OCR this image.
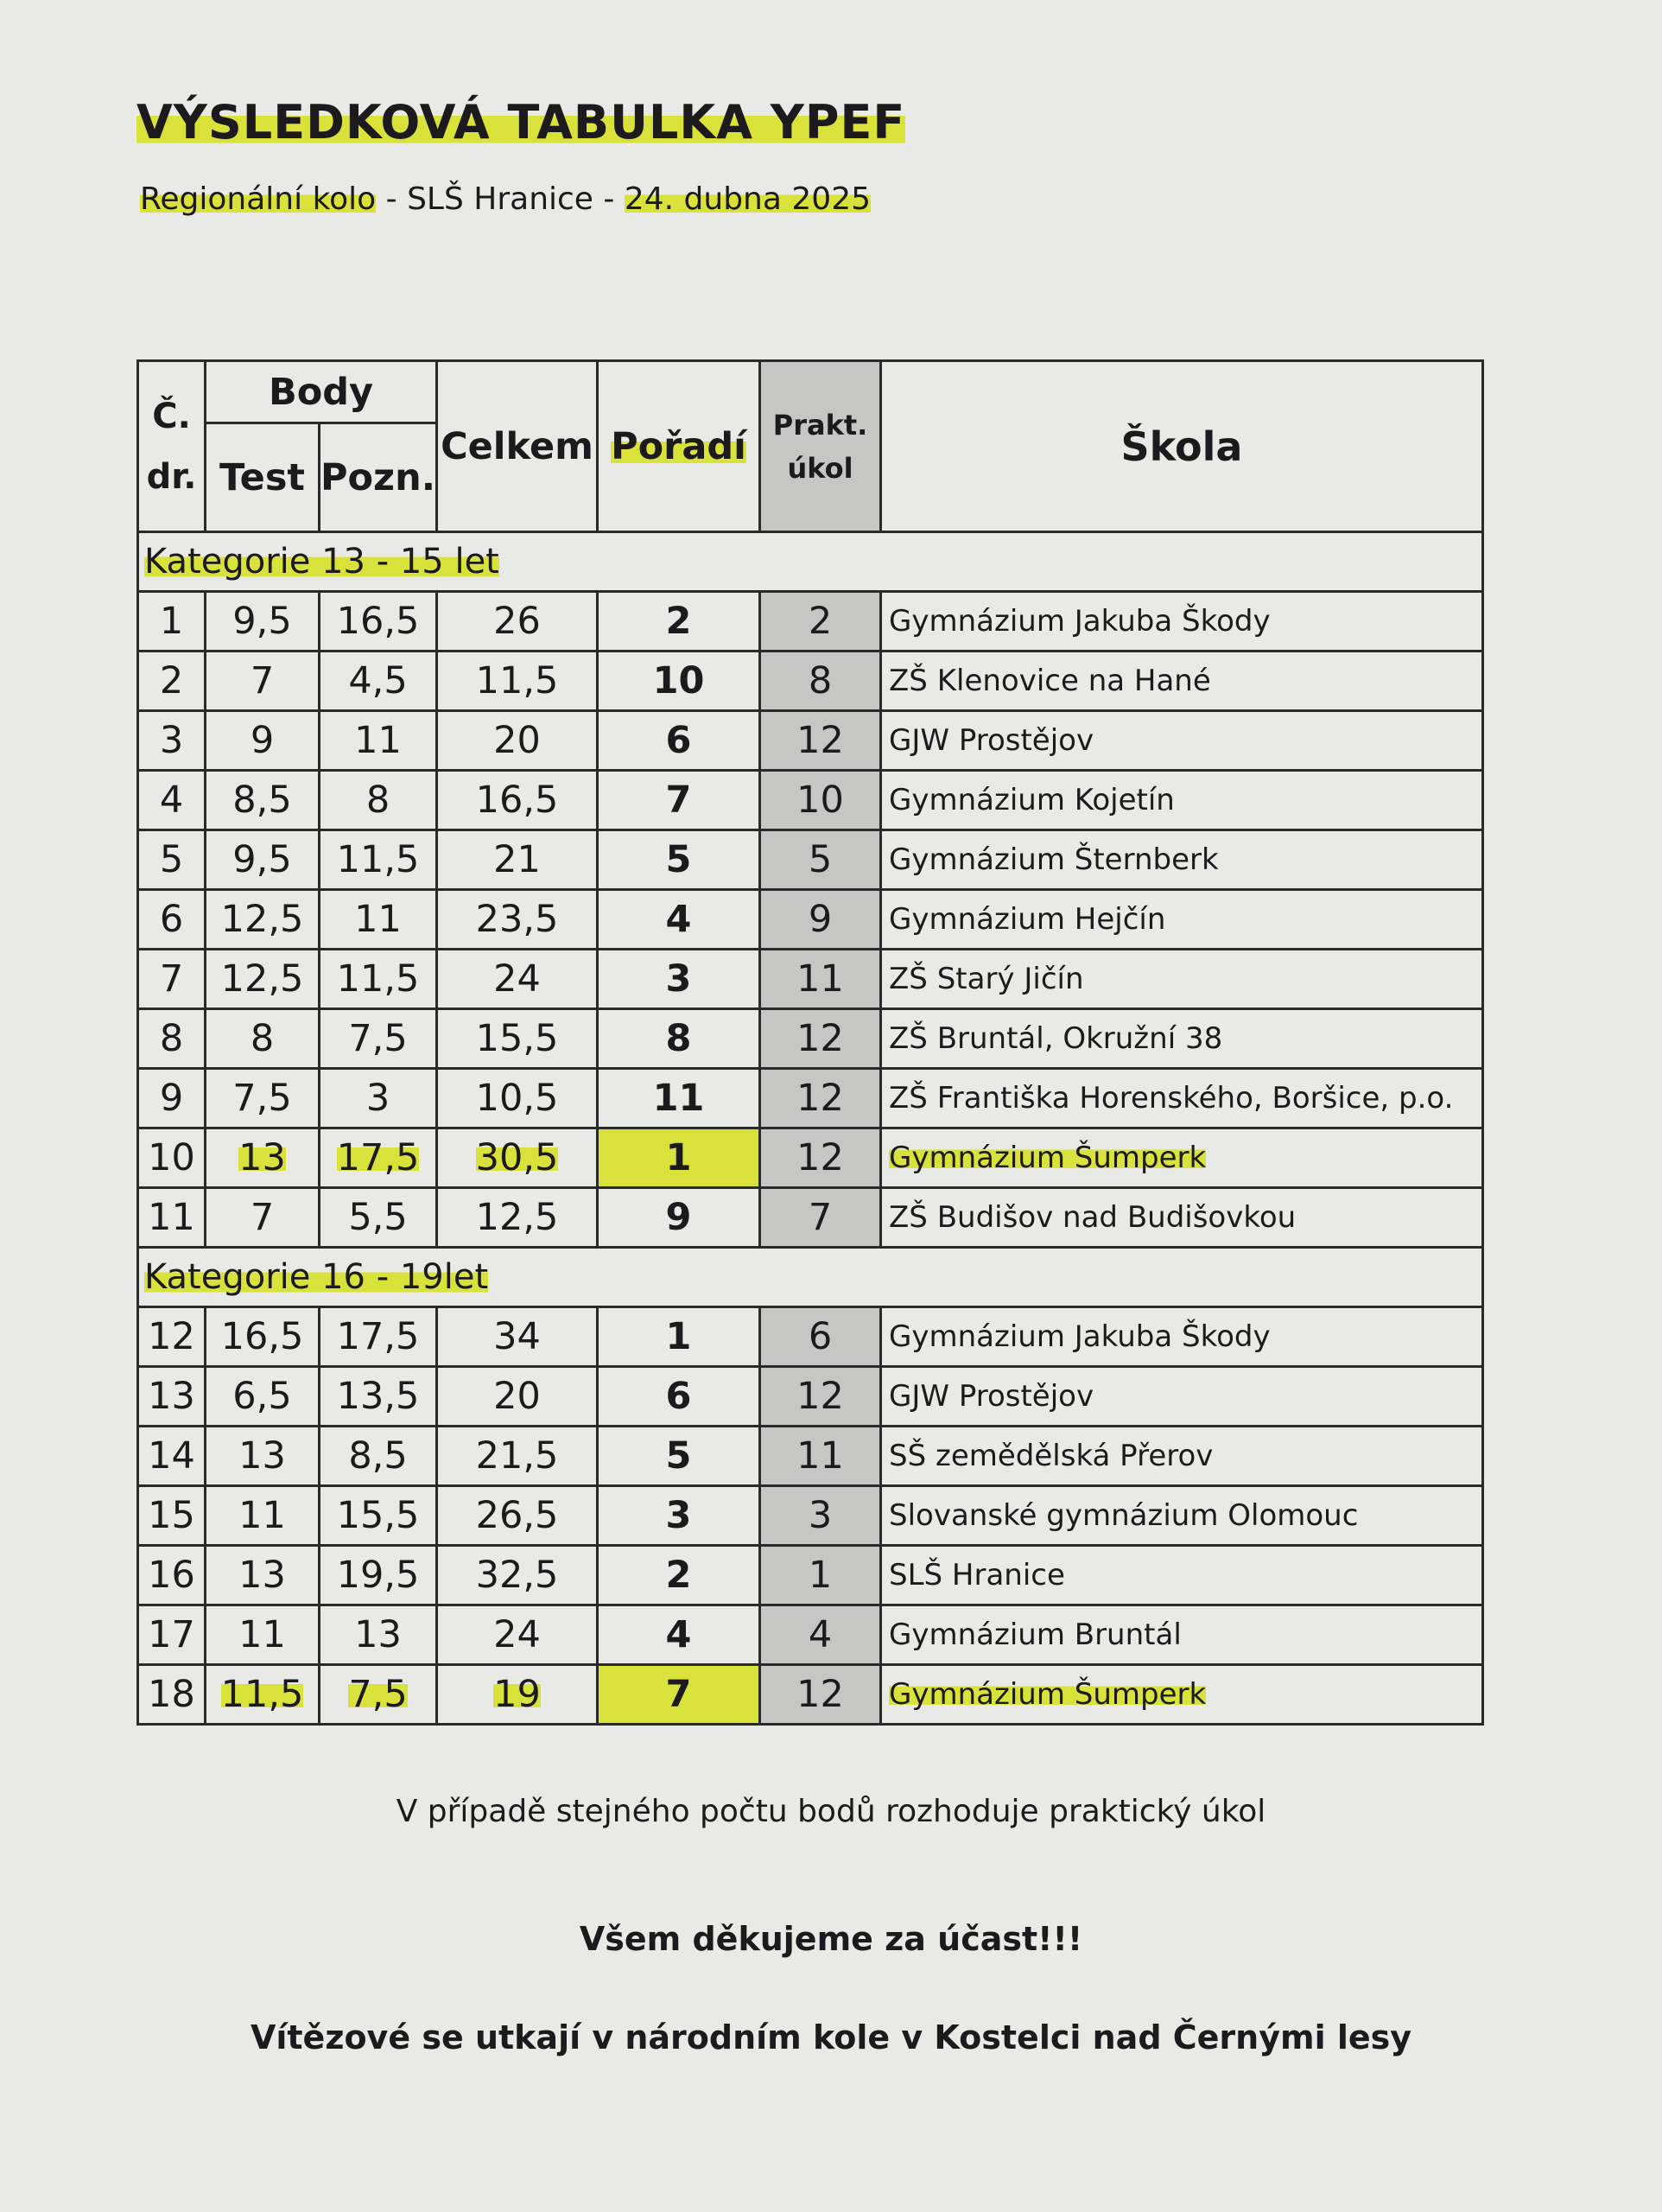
VÝSLEDKOVÁ TABULKA YPEF

Regionální kolo - SLŠ Hranice - 24. dubna 2025

Č. dr.	Body		Celkem	Pořadí	Prakt. úkol	Škola
	Test	Pozn.				
Kategorie 13 - 15 let						
1	9,5	16,5	26	2	2	Gymnázium Jakuba Škody
2	7	4,5	11,5	10	8	ZŠ Klenovice na Hané
3	9	11	20	6	12	GJW Prostějov
4	8,5	8	16,5	7	10	Gymnázium Kojetín
5	9,5	11,5	21	5	5	Gymnázium Šternberk
6	12,5	11	23,5	4	9	Gymnázium Hejčín
7	12,5	11,5	24	3	11	ZŠ Starý Jičín
8	8	7,5	15,5	8	12	ZŠ Bruntál, Okružní 38
9	7,5	3	10,5	11	12	ZŠ Františka Horenského, Boršice, p.o.
10	13	17,5	30,5	1	12	Gymnázium Šumperk
11	7	5,5	12,5	9	7	ZŠ Budišov nad Budišovkou
Kategorie 16 - 19let						
12	16,5	17,5	34	1	6	Gymnázium Jakuba Škody
13	6,5	13,5	20	6	12	GJW Prostějov
14	13	8,5	21,5	5	11	SŠ zemědělská Přerov
15	11	15,5	26,5	3	3	Slovanské gymnázium Olomouc
16	13	19,5	32,5	2	1	SLŠ Hranice
17	11	13	24	4	4	Gymnázium Bruntál
18	11,5	7,5	19	7	12	Gymnázium Šumperk

V případě stejného počtu bodů rozhoduje praktický úkol

Všem děkujeme za účast!!!

Vítězové se utkají v národním kole v Kostelci nad Černými lesy
